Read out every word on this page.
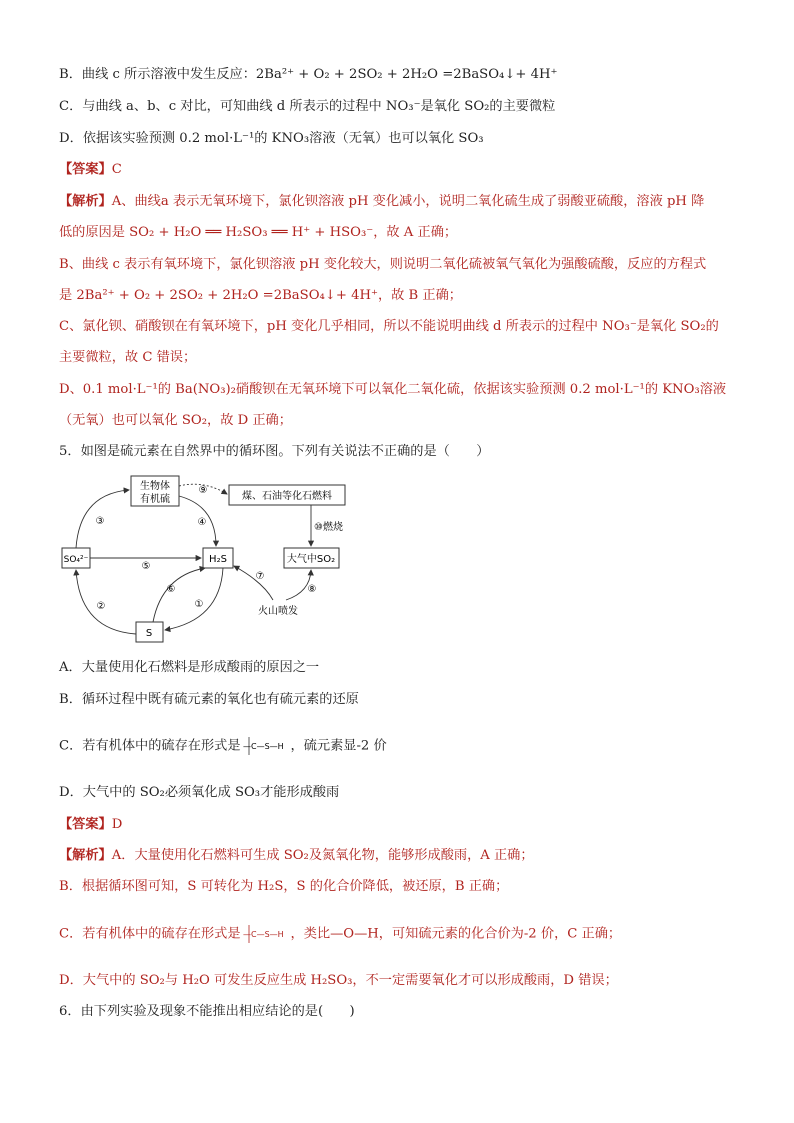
B．曲线 c 所示溶液中发生反应：2Ba²⁺ + O₂ + 2SO₂ + 2H₂O =2BaSO₄↓+ 4H⁺
C．与曲线 a、b、c 对比，可知曲线 d 所表示的过程中 NO₃⁻是氧化 SO₂的主要微粒
D．依据该实验预测 0.2 mol·L⁻¹的 KNO₃溶液（无氧）也可以氧化 SO₃
【答案】C
【解析】A、曲线a 表示无氧环境下，氯化钡溶液 pH 变化减小，说明二氧化硫生成了弱酸亚硫酸，溶液 pH 降
低的原因是 SO₂ + H₂O ══ H₂SO₃ ══ H⁺ + HSO₃⁻，故 A 正确；
B、曲线 c 表示有氧环境下，氯化钡溶液 pH 变化较大，则说明二氧化硫被氧气氧化为强酸硫酸，反应的方程式
是 2Ba²⁺ + O₂ + 2SO₂ + 2H₂O =2BaSO₄↓+ 4H⁺，故 B 正确；
C、氯化钡、硝酸钡在有氧环境下，pH 变化几乎相同，所以不能说明曲线 d 所表示的过程中 NO₃⁻是氧化 SO₂的
主要微粒，故 C 错误；
D、0.1 mol·L⁻¹的 Ba(NO₃)₂硝酸钡在无氧环境下可以氧化二氧化硫，依据该实验预测 0.2 mol·L⁻¹的 KNO₃溶液
（无氧）也可以氧化 SO₂，故 D 正确；
5．如图是硫元素在自然界中的循环图。下列有关说法不正确的是（　　）
生物体
有机硫	煤、石油等化石燃料
SO₄²⁻	H₂S	大气中SO₂
S
⑨
⑩燃烧
③	④
⑤
②
⑥
①
⑦
⑧
火山喷发
A．大量使用化石燃料是形成酸雨的原因之一
B．循环过程中既有硫元素的氧化也有硫元素的还原
C．若有机体中的硫存在形式是 —C—S—H ，硫元素显-2 价
D．大气中的 SO₂必须氧化成 SO₃才能形成酸雨
【答案】D
【解析】A．大量使用化石燃料可生成 SO₂及氮氧化物，能够形成酸雨，A 正确；
B．根据循环图可知，S 可转化为 H₂S，S 的化合价降低，被还原，B 正确；
C．若有机体中的硫存在形式是 —C—S—H ，类比—O—H，可知硫元素的化合价为-2 价，C 正确；
D．大气中的 SO₂与 H₂O 可发生反应生成 H₂SO₃，不一定需要氧化才可以形成酸雨，D 错误；
6．由下列实验及现象不能推出相应结论的是(　　)
